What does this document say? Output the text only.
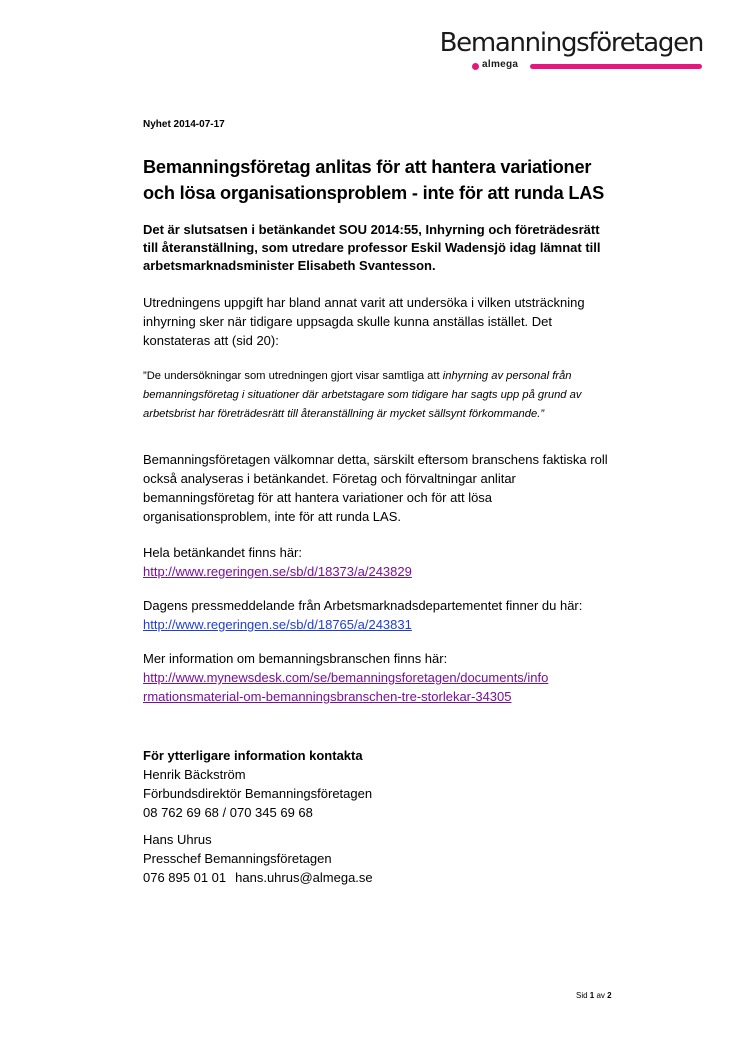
Bemanningsföretagen
almega
Nyhet 2014-07-17
Bemanningsföretag anlitas för att hantera variationer och lösa organisationsproblem - inte för att runda LAS
Det är slutsatsen i betänkandet SOU 2014:55, Inhyrning och företrädesrätt till återanställning, som utredare professor Eskil Wadensjö idag lämnat till arbetsmarknadsminister Elisabeth Svantesson.

Utredningens uppgift har bland annat varit att undersöka i vilken utsträckning inhyrning sker när tidigare uppsagda skulle kunna anställas istället. Det konstateras att (sid 20):

”De undersökningar som utredningen gjort visar samtliga att inhyrning av personal från bemanningsföretag i situationer där arbetstagare som tidigare har sagts upp på grund av arbetsbrist har företrädesrätt till återanställning är mycket sällsynt förkommande.”

Bemanningsföretagen välkomnar detta, särskilt eftersom branschens faktiska roll också analyseras i betänkandet. Företag och förvaltningar anlitar bemanningsföretag för att hantera variationer och för att lösa organisationsproblem, inte för att runda LAS.

Hela betänkandet finns här:
http://www.regeringen.se/sb/d/18373/a/243829

Dagens pressmeddelande från Arbetsmarknadsdepartementet finner du här: http://www.regeringen.se/sb/d/18765/a/243831

Mer information om bemanningsbranschen finns här:
http://www.mynewsdesk.com/se/bemanningsforetagen/documents/informationsmaterial-om-bemanningsbranschen-tre-storlekar-34305

För ytterligare information kontakta
Henrik Bäckström
Förbundsdirektör Bemanningsföretagen
08 762 69 68 / 070 345 69 68

Hans Uhrus
Presschef Bemanningsföretagen
076 895 01 01 hans.uhrus@almega.se

Sid 1 av 2
